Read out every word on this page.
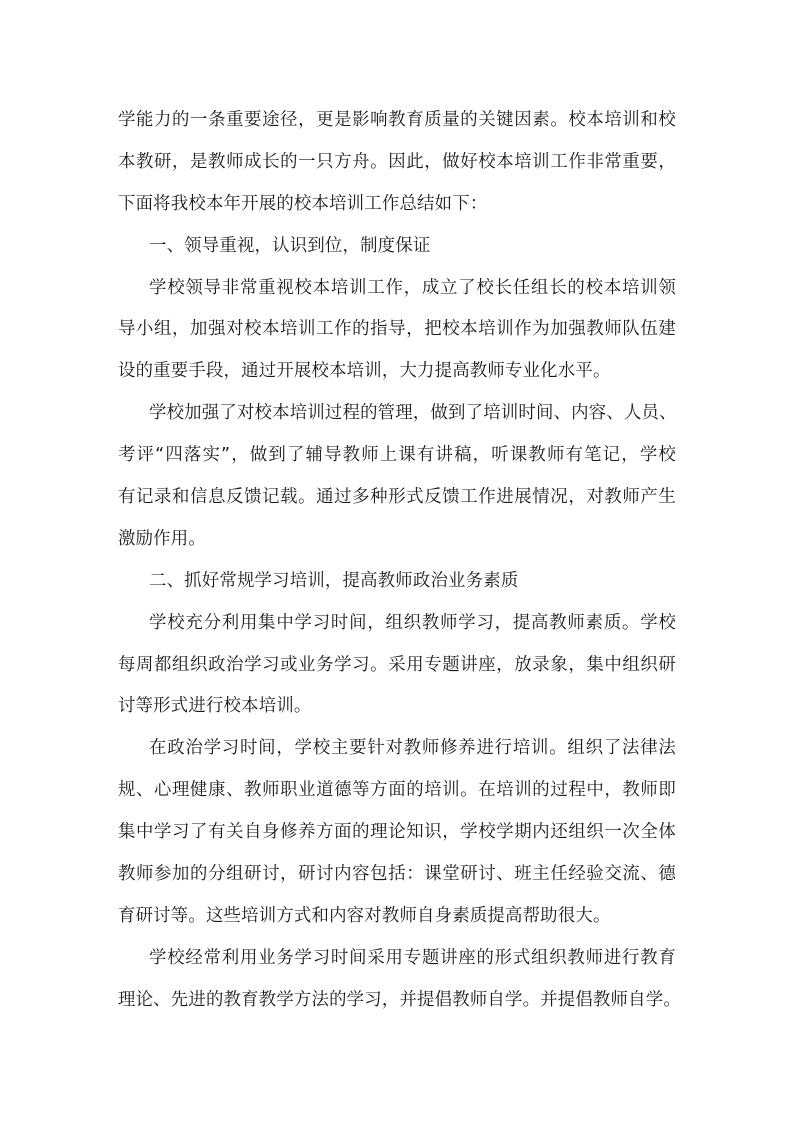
学能力的一条重要途径，更是影响教育质量的关键因素。校本培训和校
本教研，是教师成长的一只方舟。因此，做好校本培训工作非常重要，
下面将我校本年开展的校本培训工作总结如下：
一、领导重视，认识到位，制度保证
学校领导非常重视校本培训工作，成立了校长任组长的校本培训领
导小组，加强对校本培训工作的指导，把校本培训作为加强教师队伍建
设的重要手段，通过开展校本培训，大力提高教师专业化水平。
学校加强了对校本培训过程的管理，做到了培训时间、内容、人员、
考评“四落实”，做到了辅导教师上课有讲稿，听课教师有笔记，学校
有记录和信息反馈记载。通过多种形式反馈工作进展情况，对教师产生
激励作用。
二、抓好常规学习培训，提高教师政治业务素质
学校充分利用集中学习时间，组织教师学习，提高教师素质。学校
每周都组织政治学习或业务学习。采用专题讲座，放录象，集中组织研
讨等形式进行校本培训。
在政治学习时间，学校主要针对教师修养进行培训。组织了法律法
规、心理健康、教师职业道德等方面的培训。在培训的过程中，教师即
集中学习了有关自身修养方面的理论知识，学校学期内还组织一次全体
教师参加的分组研讨，研讨内容包括：课堂研讨、班主任经验交流、德
育研讨等。这些培训方式和内容对教师自身素质提高帮助很大。
学校经常利用业务学习时间采用专题讲座的形式组织教师进行教育
理论、先进的教育教学方法的学习，并提倡教师自学。并提倡教师自学。
